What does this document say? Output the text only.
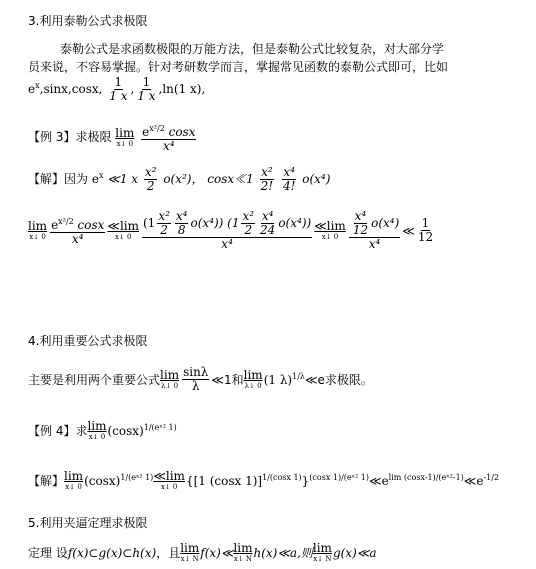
3.利用泰勒公式求极限
泰勒公式是求函数极限的万能方法，但是泰勒公式比较复杂，对大部分学
员来说，不容易掌握。针对考研数学而言，掌握常见函数的泰勒公式即可，比如
$e^x,\sin x,\cos x$, $\frac{1}{1 x}$ , $\frac{1}{1 x} ,\ln(1$ x),
【例 3】求极限 lim
x↓ 0
$\frac{e^{x^2/2} \cos x}{\text{x⁴}}$
【解】因为 $e^x$ ≪1 x $\frac{\text{x²}}{2} o(x^2)$， cosx≪1 $\frac{\text{x²}}{2!}$
$\frac{\text{x⁴}}{4!} o(x^4)$
lim
x↓ $0 \frac{e^{x^2/2} \cos x}{\text{x⁴}}$ ≪lim
x↓ 0
$(1 \frac{\text{x²}}{2} \frac{\text{x⁴}}{8} o(x^4))$ $(1 \frac{\text{x²}}{2} \frac{\text{x⁴}}{24} o(x^4))$
x⁴
≪lim
x↓ $0 \frac{\frac{\text{x⁴}}{12} o(x^4)}{\text{x⁴}}$ ≪ $\frac{1}{12}$
4.利用重要公式求极限
主要是利用两个重要公式 lim
λ↓ $0 \frac{\sin\lambda}{\lambda}$ ≪1和 lim
λ↓ 0 (1 λ)$^{1/\lambda}$ ≪e求极限。
【例 4】求 lim
x↓ 0 $(\cos x)^{1/(eˣ^2 1)}$
【解】 lim
x↓ 0 $(\cos x)^{1/(eˣ^2 1)}$ ≪lim
x↓ 0 {[1 (cosx 1)]$^{1/(cosx 1)}$}$^{(cosx 1)/(eˣ^2 1)}$ $≪e^{lim (cosx-1)/(eˣ^2-1)}$ $≪e^{-1/2}$
5.利用夹逼定理求极限
定理 设 f(x)⊂g(x)⊂h(x) ，且 lim
x↓ N f(x)≪ lim
x↓ N h(x)≪a,则 lim
x↓ N g(x)≪a
